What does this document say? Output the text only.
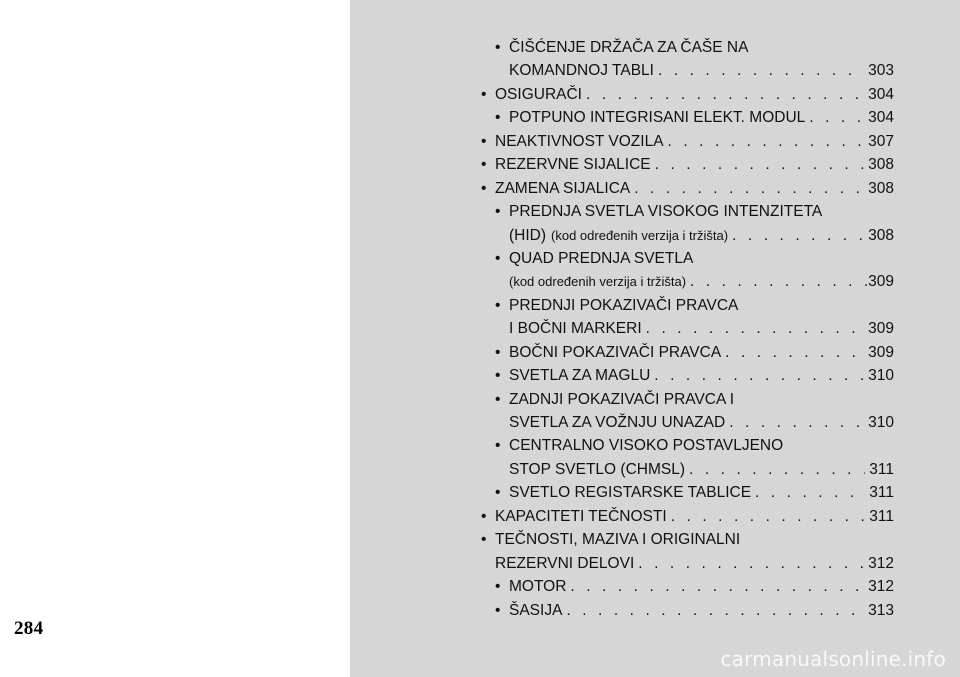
284
carmanualsonline.info
• ČIŠĆENJE DRŽAČA ZA ČAŠE NA
KOMANDNOJ TABLI . . .	303
• OSIGURAČI . . .	304
• POTPUNO INTEGRISANI ELEKT. MODUL . . .	304
• NEAKTIVNOST VOZILA . . .	307
• REZERVNE SIJALICE . . .	308
• ZAMENA SIJALICA . . .	308
• PREDNJA SVETLA VISOKOG INTENZITETA
(HID) (kod određenih verzija i tržišta) . . .	308
• QUAD PREDNJA SVETLA
(kod određenih verzija i tržišta) . . .	.309
• PREDNJI POKAZIVAČI PRAVCA
I BOČNI MARKERI . . .	309
• BOČNI POKAZIVAČI PRAVCA . . .	309
• SVETLA ZA MAGLU . . .	310
• ZADNJI POKAZIVAČI PRAVCA I
SVETLA ZA VOŽNJU UNAZAD . . .	310
• CENTRALNO VISOKO POSTAVLJENO
STOP SVETLO (CHMSL) . . .	311
• SVETLO REGISTARSKE TABLICE . . .	311
• KAPACITETI TEČNOSTI . . .	311
• TEČNOSTI, MAZIVA I ORIGINALNI
REZERVNI DELOVI . . .	312
• MOTOR . . .	312
• ŠASIJA . . .	313
